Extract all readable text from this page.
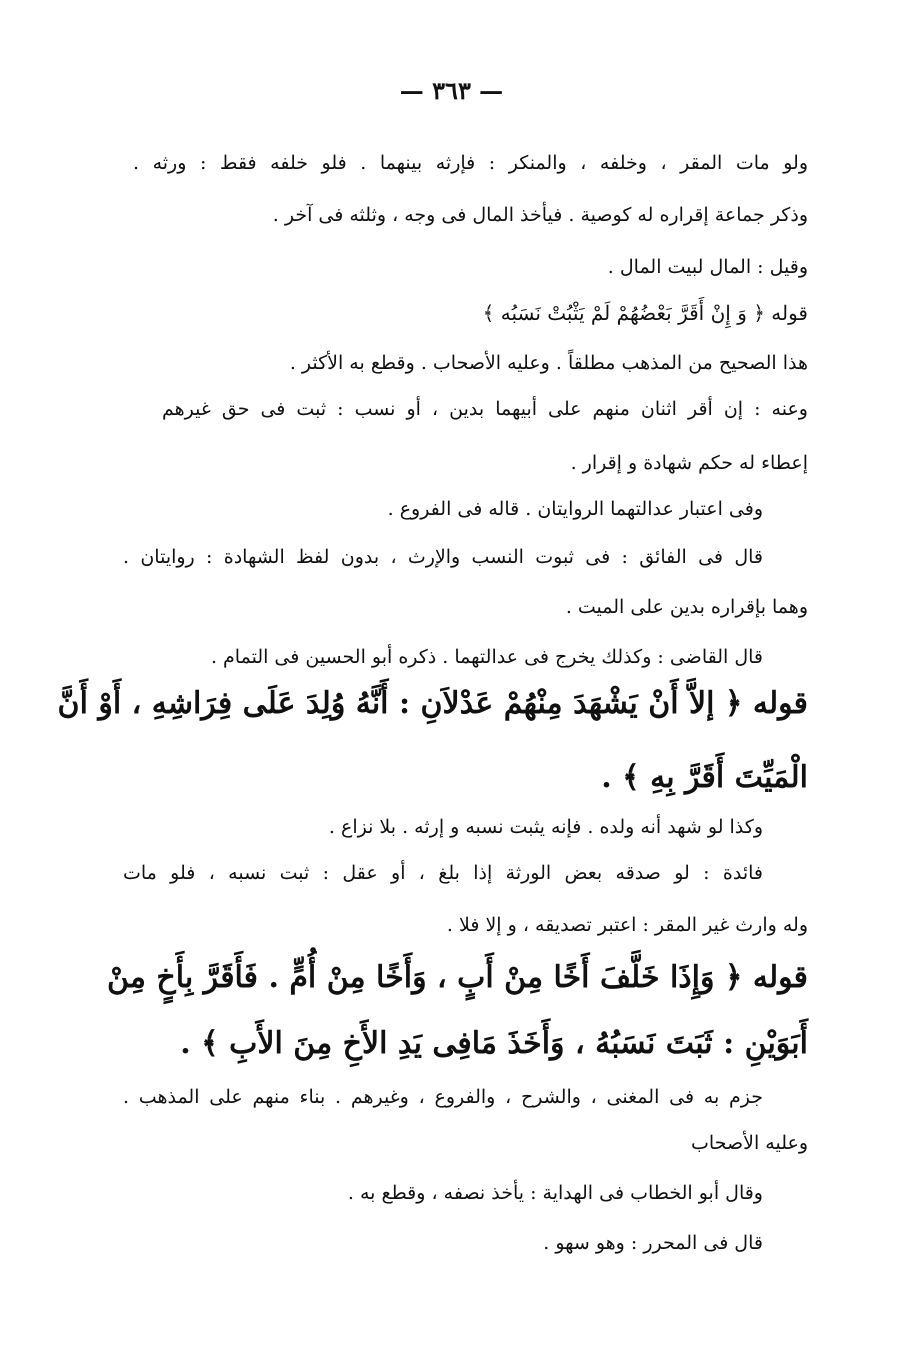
— ٣٦٣ —
ولو مات المقر ، وخلفه ، والمنكر : فإرثه بينهما . فلو خلفه فقط : ورثه .
وذكر جماعة إقراره له كوصية . فيأخذ المال فى وجه ، وثلثه فى آخر .
وقيل : المال لبيت المال .
قوله ﴿ وَ إِنْ أَقَرَّ بَعْضُهُمْ لَمْ يَثْبُتْ نَسَبُه ﴾
هذا الصحيح من المذهب مطلقاً . وعليه الأصحاب . وقطع به الأكثر .
وعنه : إن أقر اثنان منهم على أبيهما بدين ، أو نسب : ثبت فى حق غيرهم
إعطاء له حكم شهادة و إقرار .
وفى اعتبار عدالتهما الروايتان . قاله فى الفروع .
قال فى الفائق : فى ثبوت النسب والإرث ، بدون لفظ الشهادة : روايتان .
وهما بإقراره بدين على الميت .
قال القاضى : وكذلك يخرج فى عدالتهما . ذكره أبو الحسين فى التمام .
قوله ﴿ إلاَّ أَنْ يَشْهَدَ مِنْهُمْ عَدْلاَنِ : أَنَّهُ وُلِدَ عَلَى فِرَاشِهِ ، أَوْ أَنَّ
الْمَيِّتَ أَقَرَّ بِهِ ﴾ .
وكذا لو شهد أنه ولده . فإنه يثبت نسبه و إرثه . بلا نزاع .
فائدة : لو صدقه بعض الورثة إذا بلغ ، أو عقل : ثبت نسبه ، فلو مات
وله وارث غير المقر : اعتبر تصديقه ، و إلا فلا .
قوله ﴿ وَإِذَا خَلَّفَ أَخًا مِنْ أَبٍ ، وَأَخًا مِنْ أُمٍّ . فَأَقَرَّ بِأَخٍ مِنْ
أَبَوَيْنِ : ثَبَتَ نَسَبُهُ ، وَأَخَذَ مَافِى يَدِ الأَخِ مِنَ الأَبِ ﴾ .
جزم به فى المغنى ، والشرح ، والفروع ، وغيرهم . بناء منهم على المذهب .
وعليه الأصحاب
وقال أبو الخطاب فى الهداية : يأخذ نصفه ، وقطع به .
قال فى المحرر : وهو سهو .
